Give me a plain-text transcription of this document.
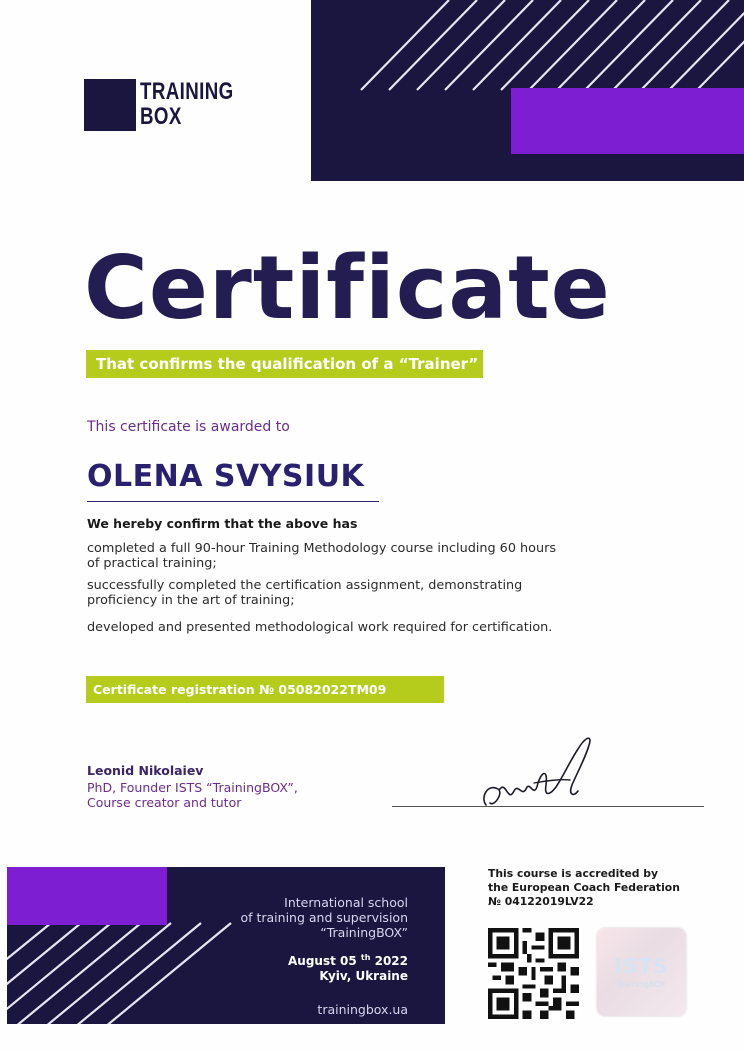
TRAINING
BOX
Certificate
That confirms the qualification of a “Trainer”
This certificate is awarded to
OLENA SVYSIUK
We hereby confirm that the above has
completed a full 90-hour Training Methodology course including 60 hours of practical training;
successfully completed the certification assignment, demonstrating proficiency in the art of training;
developed and presented methodological work required for certification.
Certificate registration № 05082022TM09
Leonid Nikolaiev
PhD, Founder ISTS “TrainingBOX”,
Course creator and tutor
International school
of training and supervision
“TrainingBOX”
August 05 $^{th}$ 2022
Kyiv, Ukraine
trainingbox.ua
This course is accredited by
the European Coach Federation
№ 04122019LV22
ISTS
TrainingBOX
